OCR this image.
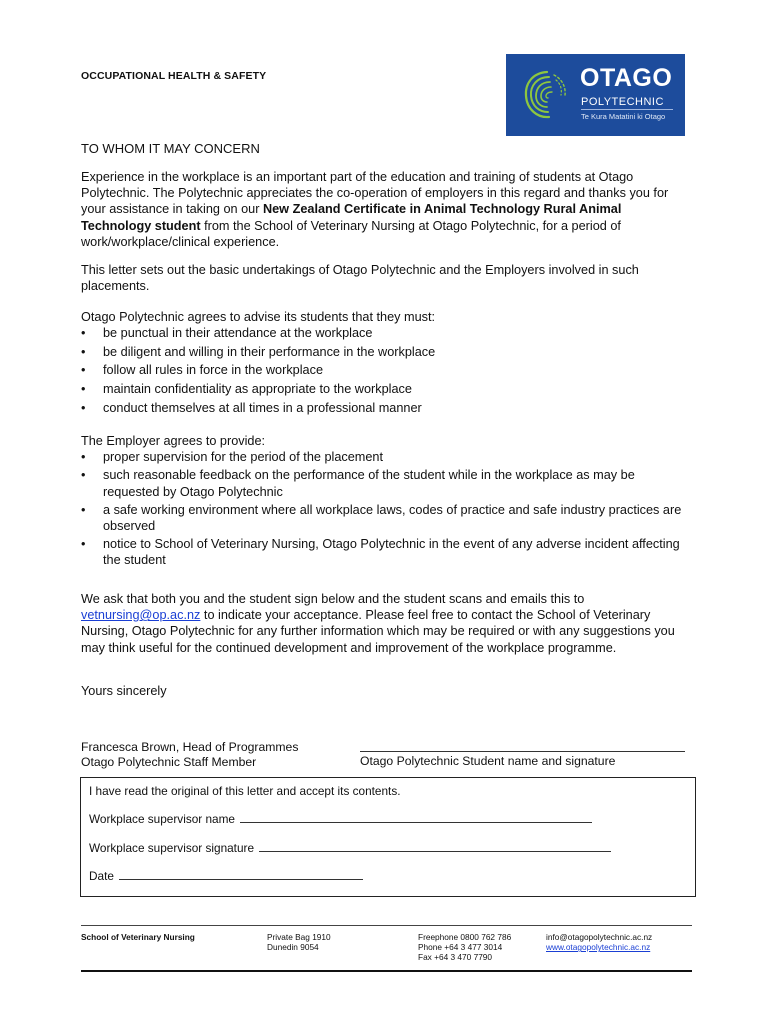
OCCUPATIONAL HEALTH & SAFETY	OTAGO
POLYTECHNIC
Te Kura Matatini ki Otago
TO WHOM IT MAY CONCERN

Experience in the workplace is an important part of the education and training of students at Otago Polytechnic. The Polytechnic appreciates the co-operation of employers in this regard and thanks you for your assistance in taking on our New Zealand Certificate in Animal Technology Rural Animal Technology student from the School of Veterinary Nursing at Otago Polytechnic, for a period of work/workplace/clinical experience.

This letter sets out the basic undertakings of Otago Polytechnic and the Employers involved in such placements.

Otago Polytechnic agrees to advise its students that they must:

• be punctual in their attendance at the workplace
• be diligent and willing in their performance in the workplace
• follow all rules in force in the workplace
• maintain confidentiality as appropriate to the workplace
• conduct themselves at all times in a professional manner

The Employer agrees to provide:

• proper supervision for the period of the placement
• such reasonable feedback on the performance of the student while in the workplace as may be requested by Otago Polytechnic
• a safe working environment where all workplace laws, codes of practice and safe industry practices are observed
• notice to School of Veterinary Nursing, Otago Polytechnic in the event of any adverse incident affecting the student

We ask that both you and the student sign below and the student scans and emails this to vetnursing@op.ac.nz to indicate your acceptance. Please feel free to contact the School of Veterinary Nursing, Otago Polytechnic for any further information which may be required or with any suggestions you may think useful for the continued development and improvement of the workplace programme.

Yours sincerely
Francesca Brown, Head of Programmes
Otago Polytechnic Staff Member	Otago Polytechnic Student name and signature
I have read the original of this letter and accept its contents.
Workplace supervisor name
Workplace supervisor signature
Date
School of Veterinary Nursing	Private Bag 1910
Dunedin 9054
Freephone 0800 762 786
Phone +64 3 477 3014
Fax +64 3 470 7790
info@otagopolytechnic.ac.nz
www.otagopolytechnic.ac.nz
